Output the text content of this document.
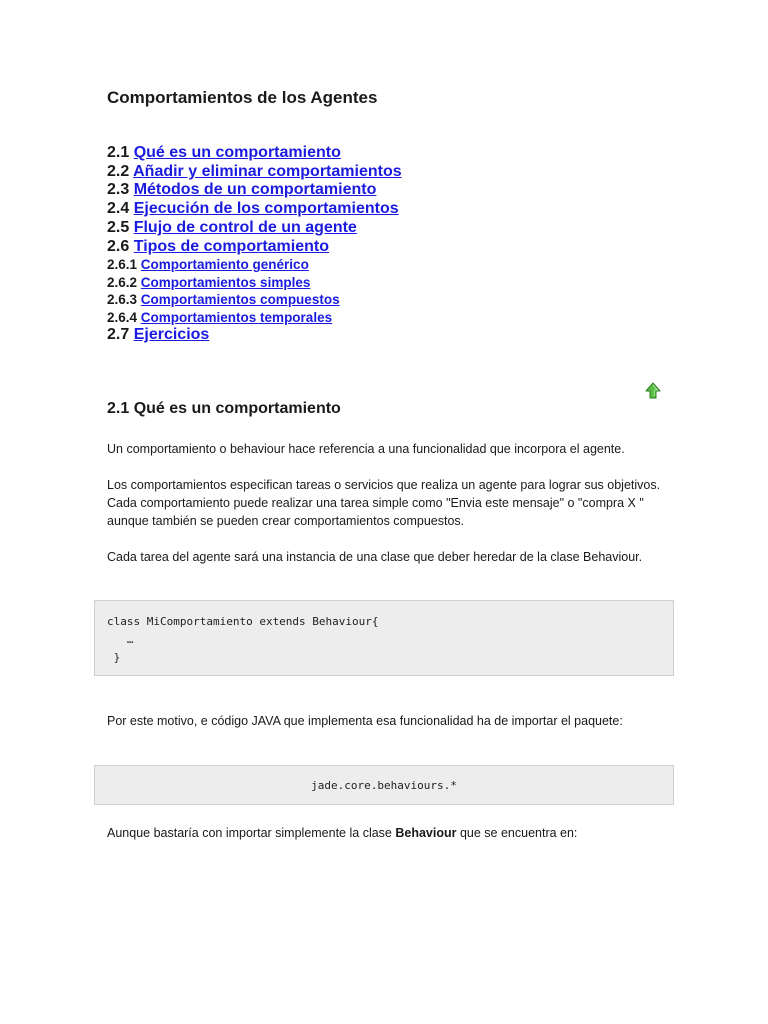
Comportamientos de los Agentes
2.1 Qué es un comportamiento
2.2 Añadir y eliminar comportamientos
2.3 Métodos de un comportamiento
2.4 Ejecución de los comportamientos
2.5 Flujo de control de un agente
2.6 Tipos de comportamiento
2.6.1 Comportamiento genérico
2.6.2 Comportamientos simples
2.6.3 Comportamientos compuestos
2.6.4 Comportamientos temporales
2.7 Ejercicios
2.1 Qué es un comportamiento

Un comportamiento o behaviour hace referencia a una funcionalidad que incorpora el agente.

Los comportamientos especifican tareas o servicios que realiza un agente para lograr sus objetivos. Cada comportamiento puede realizar una tarea simple como "Envia este mensaje" o "compra X " aunque también se pueden crear comportamientos compuestos.

Cada tarea del agente sará una instancia de una clase que deber heredar de la clase Behaviour.

class MiComportamiento extends Behaviour{
…
}

Por este motivo, e código JAVA que implementa esa funcionalidad ha de importar el paquete:

jade.core.behaviours.*

Aunque bastaría con importar simplemente la clase Behaviour que se encuentra en:
